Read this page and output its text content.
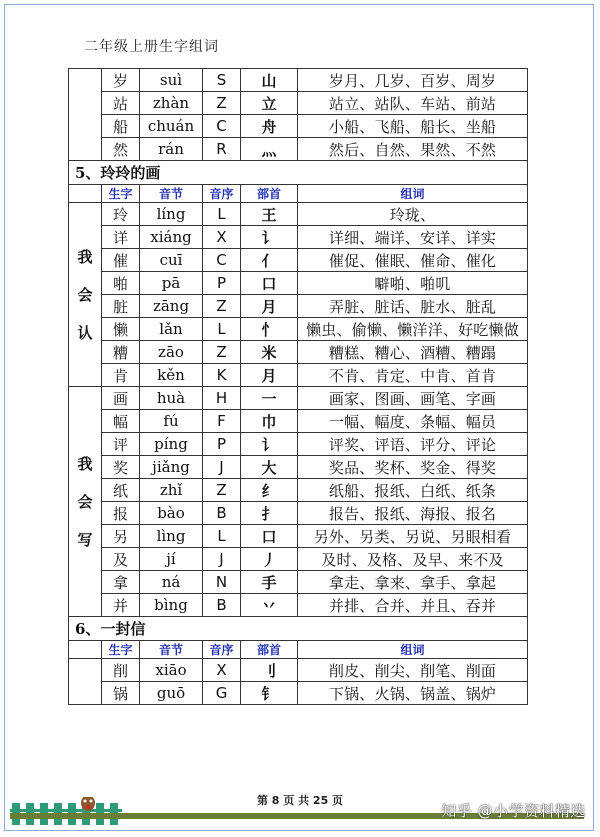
二年级上册生字组词
	岁	suì	S	山	岁月、几岁、百岁、周岁
	站	zhàn	Z	立	站立、站队、车站、前站
	船	chuán	C	舟	小船、飞船、船长、坐船
	然	rán	R	灬	然后、自然、果然、不然
5、玲玲的画					
	生字	音节	音序	部首	组词

我
会
认	玲	líng	L	王	玲珑、
	详	xiáng	X	讠	详细、端详、安详、详实
	催	cuī	C	亻	催促、催眠、催命、催化
	啪	pā	P	口	噼啪、啪叽
	脏	zāng	Z	月	弄脏、脏话、脏水、脏乱
	懒	lǎn	L	忄	懒虫、偷懒、懒洋洋、好吃懒做
	糟	zāo	Z	米	糟糕、糟心、酒糟、糟蹋
	肯	kěn	K	月	不肯、肯定、中肯、首肯

我
会
写	画	huà	H	一	画家、图画、画笔、字画
	幅	fú	F	巾	一幅、幅度、条幅、幅员
	评	píng	P	讠	评奖、评语、评分、评论
	奖	jiǎng	J	大	奖品、奖杯、奖金、得奖
	纸	zhǐ	Z	纟	纸船、报纸、白纸、纸条
	报	bào	B	扌	报告、报纸、海报、报名
	另	lìng	L	口	另外、另类、另说、另眼相看
	及	jí	J	丿	及时、及格、及早、来不及
	拿	ná	N	手	拿走、拿来、拿手、拿起
	并	bìng	B	丷	并排、合并、并且、吞并
6、一封信					
	生字	音节	音序	部首	组词
	削	xiāo	X	刂	削皮、削尖、削笔、削面
	锅	guō	G	钅	下锅、火锅、锅盖、锅炉
第 8 页 共 25 页
知乎 @小学资料精选
